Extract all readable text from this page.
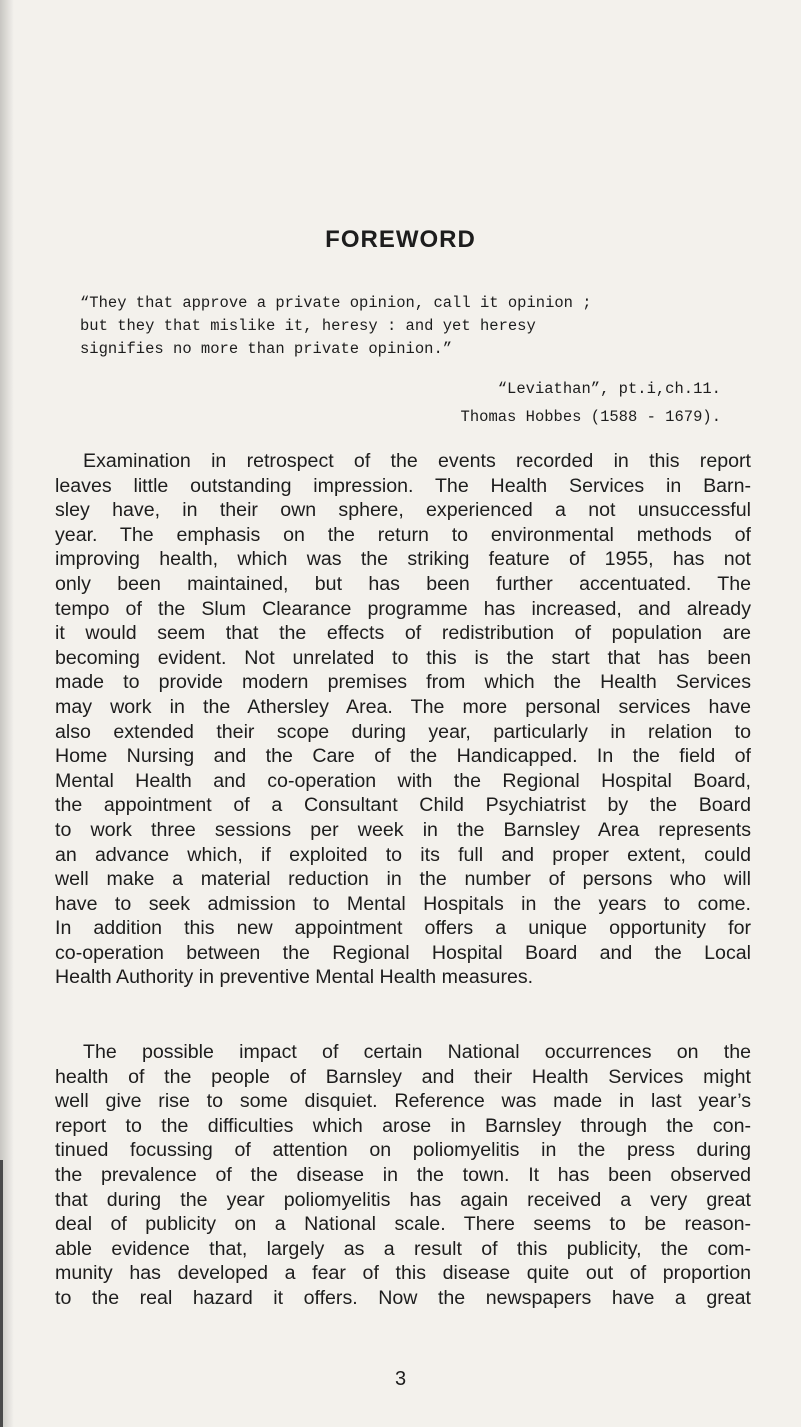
FOREWORD
“They that approve a private opinion, call it opinion ;
but they that mislike it, heresy : and yet heresy
signifies no more than private opinion.”
“Leviathan”, pt.i,ch.11.
Thomas Hobbes (1588 - 1679).
Examination in retrospect of the events recorded in this report
leaves little outstanding impression. The Health Services in Barn-
sley have, in their own sphere, experienced a not unsuccessful
year. The emphasis on the return to environmental methods of
improving health, which was the striking feature of 1955, has not
only been maintained, but has been further accentuated. The
tempo of the Slum Clearance programme has increased, and already
it would seem that the effects of redistribution of population are
becoming evident. Not unrelated to this is the start that has been
made to provide modern premises from which the Health Services
may work in the Athersley Area. The more personal services have
also extended their scope during year, particularly in relation to
Home Nursing and the Care of the Handicapped. In the field of
Mental Health and co-operation with the Regional Hospital Board,
the appointment of a Consultant Child Psychiatrist by the Board
to work three sessions per week in the Barnsley Area represents
an advance which, if exploited to its full and proper extent, could
well make a material reduction in the number of persons who will
have to seek admission to Mental Hospitals in the years to come.
In addition this new appointment offers a unique opportunity for
co-operation between the Regional Hospital Board and the Local
Health Authority in preventive Mental Health measures.
The possible impact of certain National occurrences on the
health of the people of Barnsley and their Health Services might
well give rise to some disquiet. Reference was made in last year’s
report to the difficulties which arose in Barnsley through the con-
tinued focussing of attention on poliomyelitis in the press during
the prevalence of the disease in the town. It has been observed
that during the year poliomyelitis has again received a very great
deal of publicity on a National scale. There seems to be reason-
able evidence that, largely as a result of this publicity, the com-
munity has developed a fear of this disease quite out of proportion
to the real hazard it offers. Now the newspapers have a great
3
